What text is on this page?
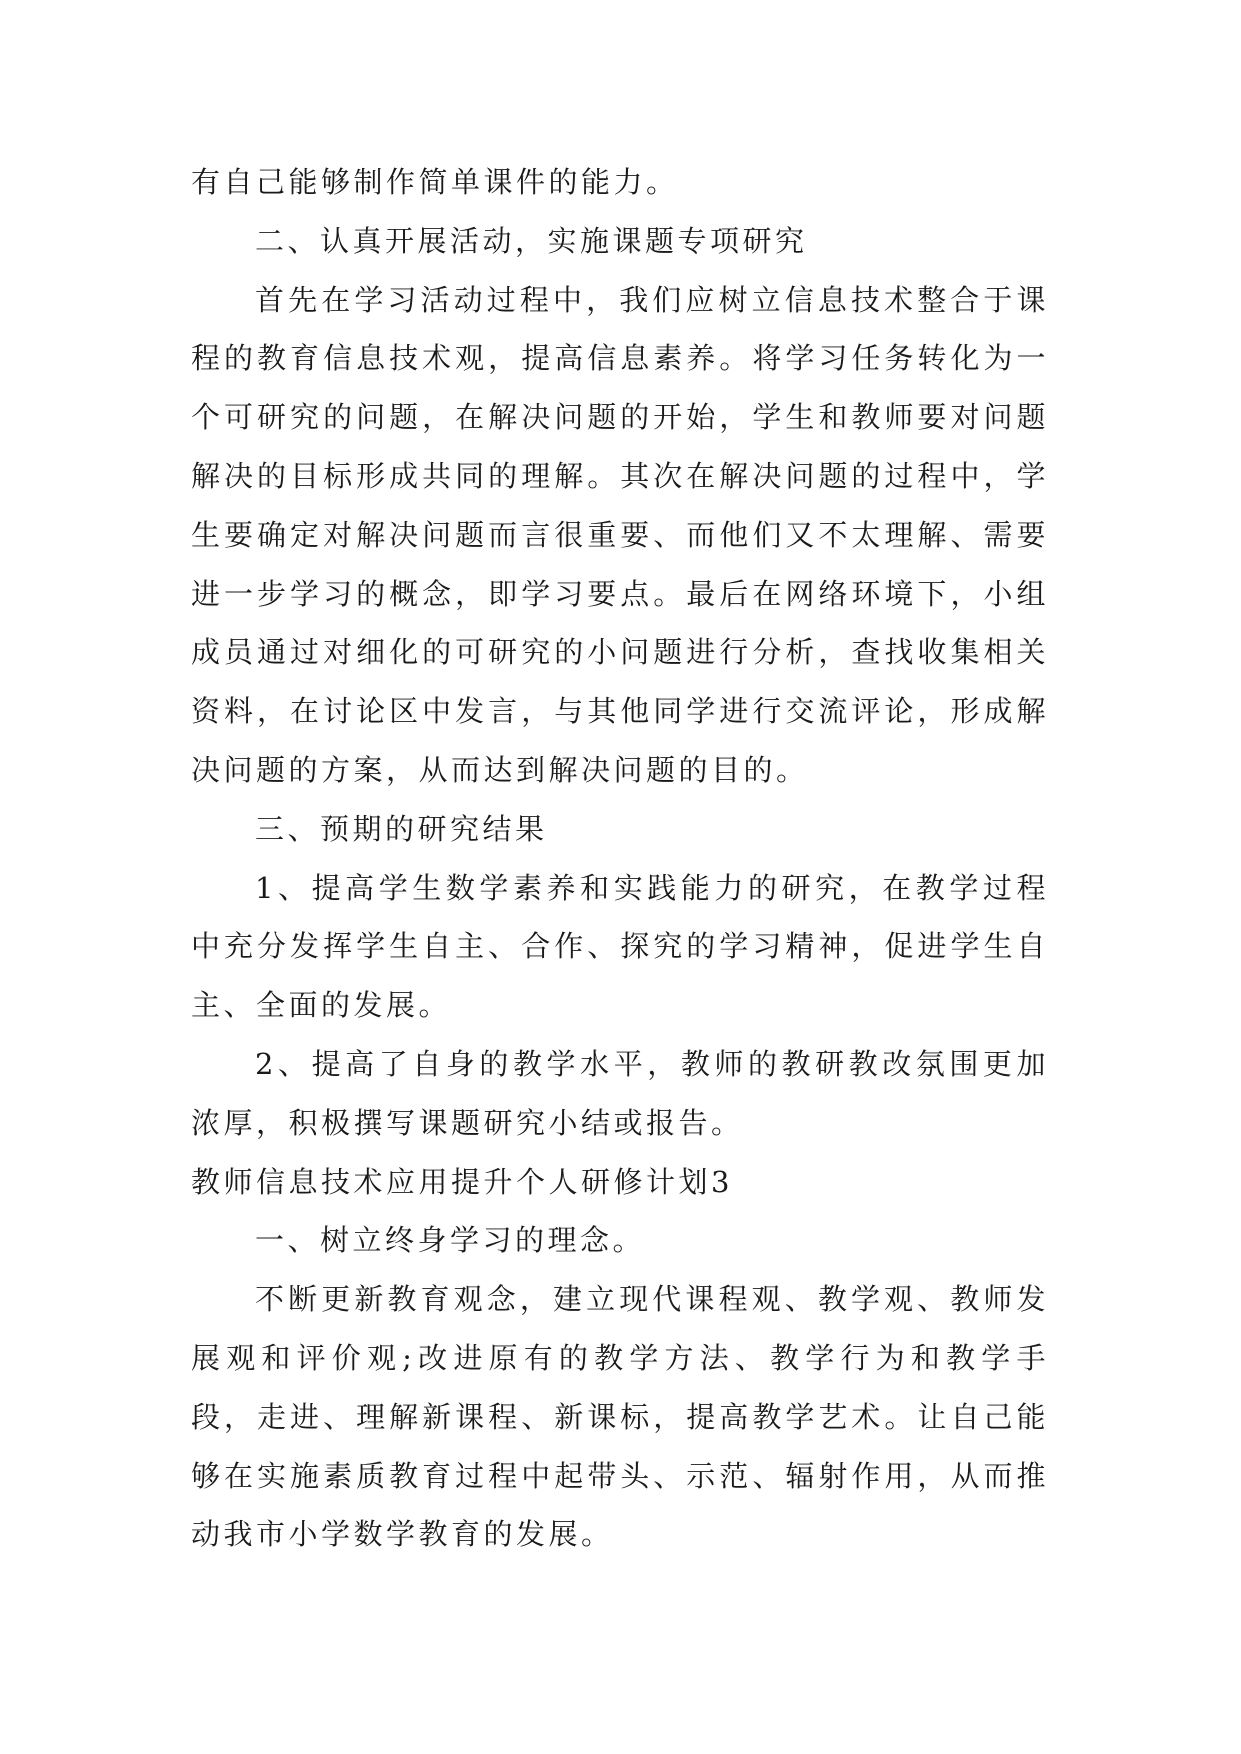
有自己能够制作简单课件的能力。

二、认真开展活动，实施课题专项研究

首先在学习活动过程中，我们应树立信息技术整合于课程的教育信息技术观，提高信息素养。将学习任务转化为一个可研究的问题，在解决问题的开始，学生和教师要对问题解决的目标形成共同的理解。其次在解决问题的过程中，学生要确定对解决问题而言很重要、而他们又不太理解、需要进一步学习的概念，即学习要点。最后在网络环境下，小组成员通过对细化的可研究的小问题进行分析，查找收集相关资料，在讨论区中发言，与其他同学进行交流评论，形成解决问题的方案，从而达到解决问题的目的。

三、预期的研究结果

1、提高学生数学素养和实践能力的研究，在教学过程中充分发挥学生自主、合作、探究的学习精神，促进学生自主、全面的发展。

2、提高了自身的教学水平，教师的教研教改氛围更加浓厚，积极撰写课题研究小结或报告。

教师信息技术应用提升个人研修计划3

一、树立终身学习的理念。

不断更新教育观念，建立现代课程观、教学观、教师发展观和评价观;改进原有的教学方法、教学行为和教学手段，走进、理解新课程、新课标，提高教学艺术。让自己能够在实施素质教育过程中起带头、示范、辐射作用，从而推动我市小学数学教育的发展。
